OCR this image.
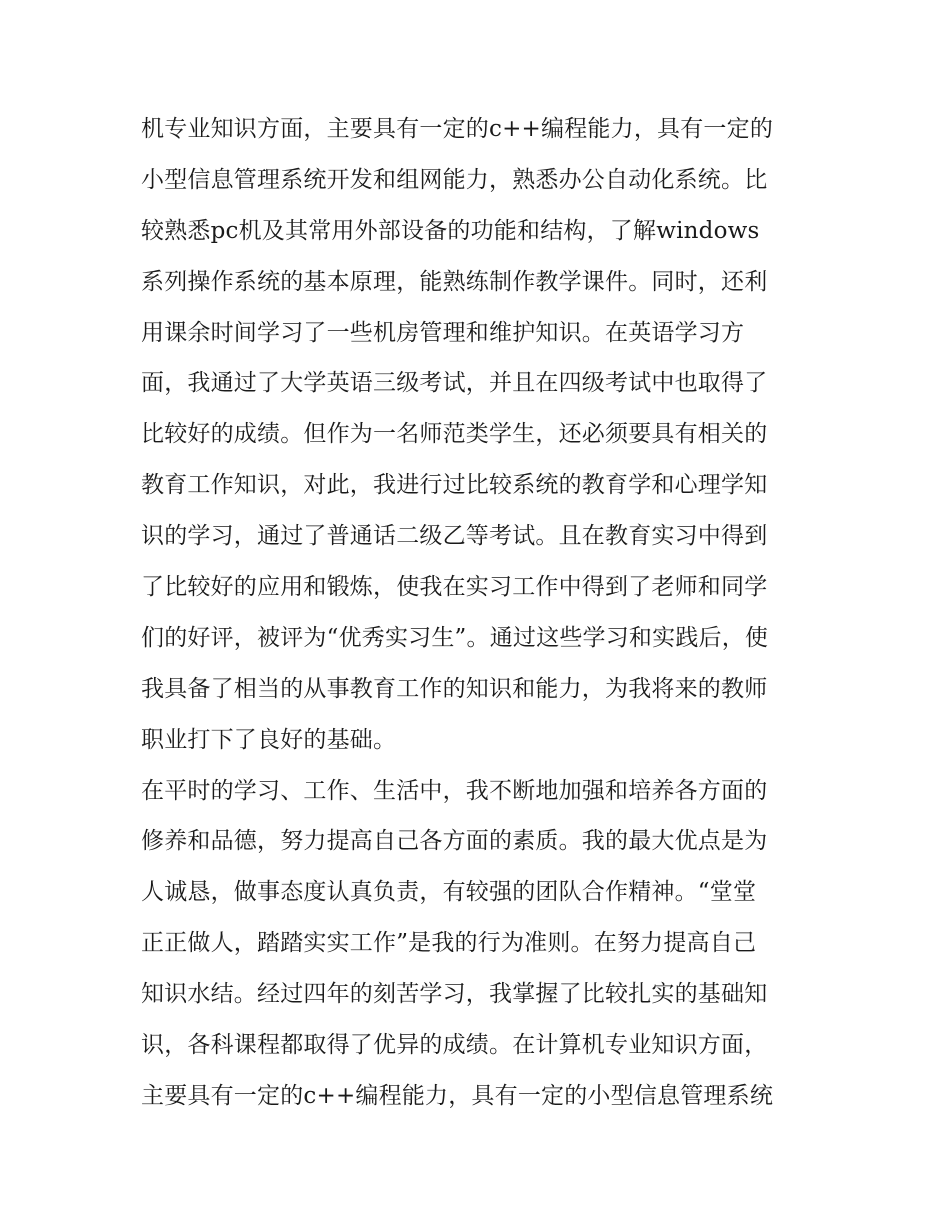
机专业知识方面，主要具有一定的c++编程能力，具有一定的
小型信息管理系统开发和组网能力，熟悉办公自动化系统。比
较熟悉pc机及其常用外部设备的功能和结构，了解windows
系列操作系统的基本原理，能熟练制作教学课件。同时，还利
用课余时间学习了一些机房管理和维护知识。在英语学习方
面，我通过了大学英语三级考试，并且在四级考试中也取得了
比较好的成绩。但作为一名师范类学生，还必须要具有相关的
教育工作知识，对此，我进行过比较系统的教育学和心理学知
识的学习，通过了普通话二级乙等考试。且在教育实习中得到
了比较好的应用和锻炼，使我在实习工作中得到了老师和同学
们的好评，被评为“优秀实习生”。通过这些学习和实践后，使
我具备了相当的从事教育工作的知识和能力，为我将来的教师
职业打下了良好的基础。
在平时的学习、工作、生活中，我不断地加强和培养各方面的
修养和品德，努力提高自己各方面的素质。我的最大优点是为
人诚恳，做事态度认真负责，有较强的团队合作精神。“堂堂
正正做人，踏踏实实工作”是我的行为准则。在努力提高自己
知识水结。经过四年的刻苦学习，我掌握了比较扎实的基础知
识，各科课程都取得了优异的成绩。在计算机专业知识方面，
主要具有一定的c++编程能力，具有一定的小型信息管理系统
